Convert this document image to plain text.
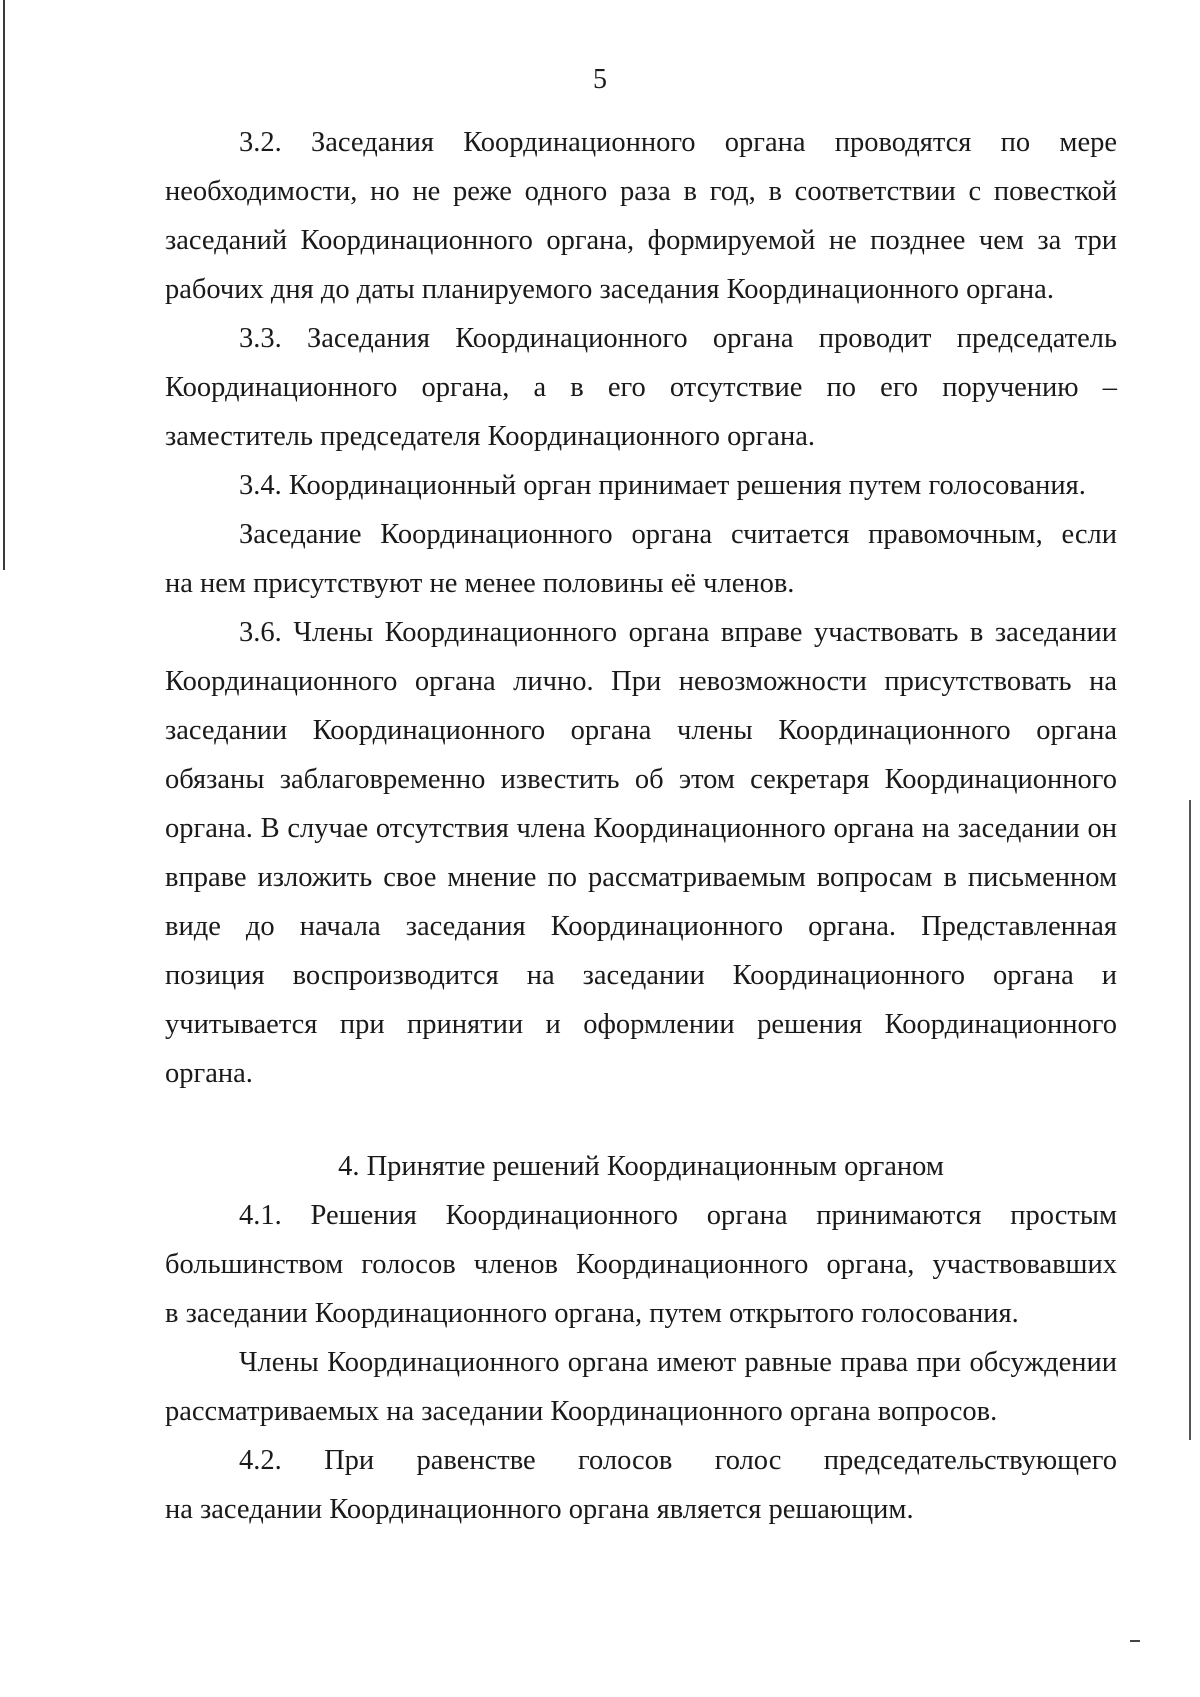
5
3.2. Заседания Координационного органа проводятся по мере
необходимости, но не реже одного раза в год, в соответствии с повесткой
заседаний Координационного органа, формируемой не позднее чем за три
рабочих дня до даты планируемого заседания Координационного органа.
3.3. Заседания Координационного органа проводит председатель
Координационного органа, а в его отсутствие по его поручению –
заместитель председателя Координационного органа.
3.4. Координационный орган принимает решения путем голосования.
Заседание Координационного органа считается правомочным, если
на нем присутствуют не менее половины её членов.
3.6. Члены Координационного органа вправе участвовать в заседании
Координационного органа лично. При невозможности присутствовать на
заседании Координационного органа члены Координационного органа
обязаны заблаговременно известить об этом секретаря Координационного
органа. В случае отсутствия члена Координационного органа на заседании он
вправе изложить свое мнение по рассматриваемым вопросам в письменном
виде до начала заседания Координационного органа. Представленная
позиция воспроизводится на заседании Координационного органа и
учитывается при принятии и оформлении решения Координационного
органа.
4. Принятие решений Координационным органом
4.1. Решения Координационного органа принимаются простым
большинством голосов членов Координационного органа, участвовавших
в заседании Координационного органа, путем открытого голосования.
Члены Координационного органа имеют равные права при обсуждении
рассматриваемых на заседании Координационного органа вопросов.
4.2. При равенстве голосов голос председательствующего
на заседании Координационного органа является решающим.
